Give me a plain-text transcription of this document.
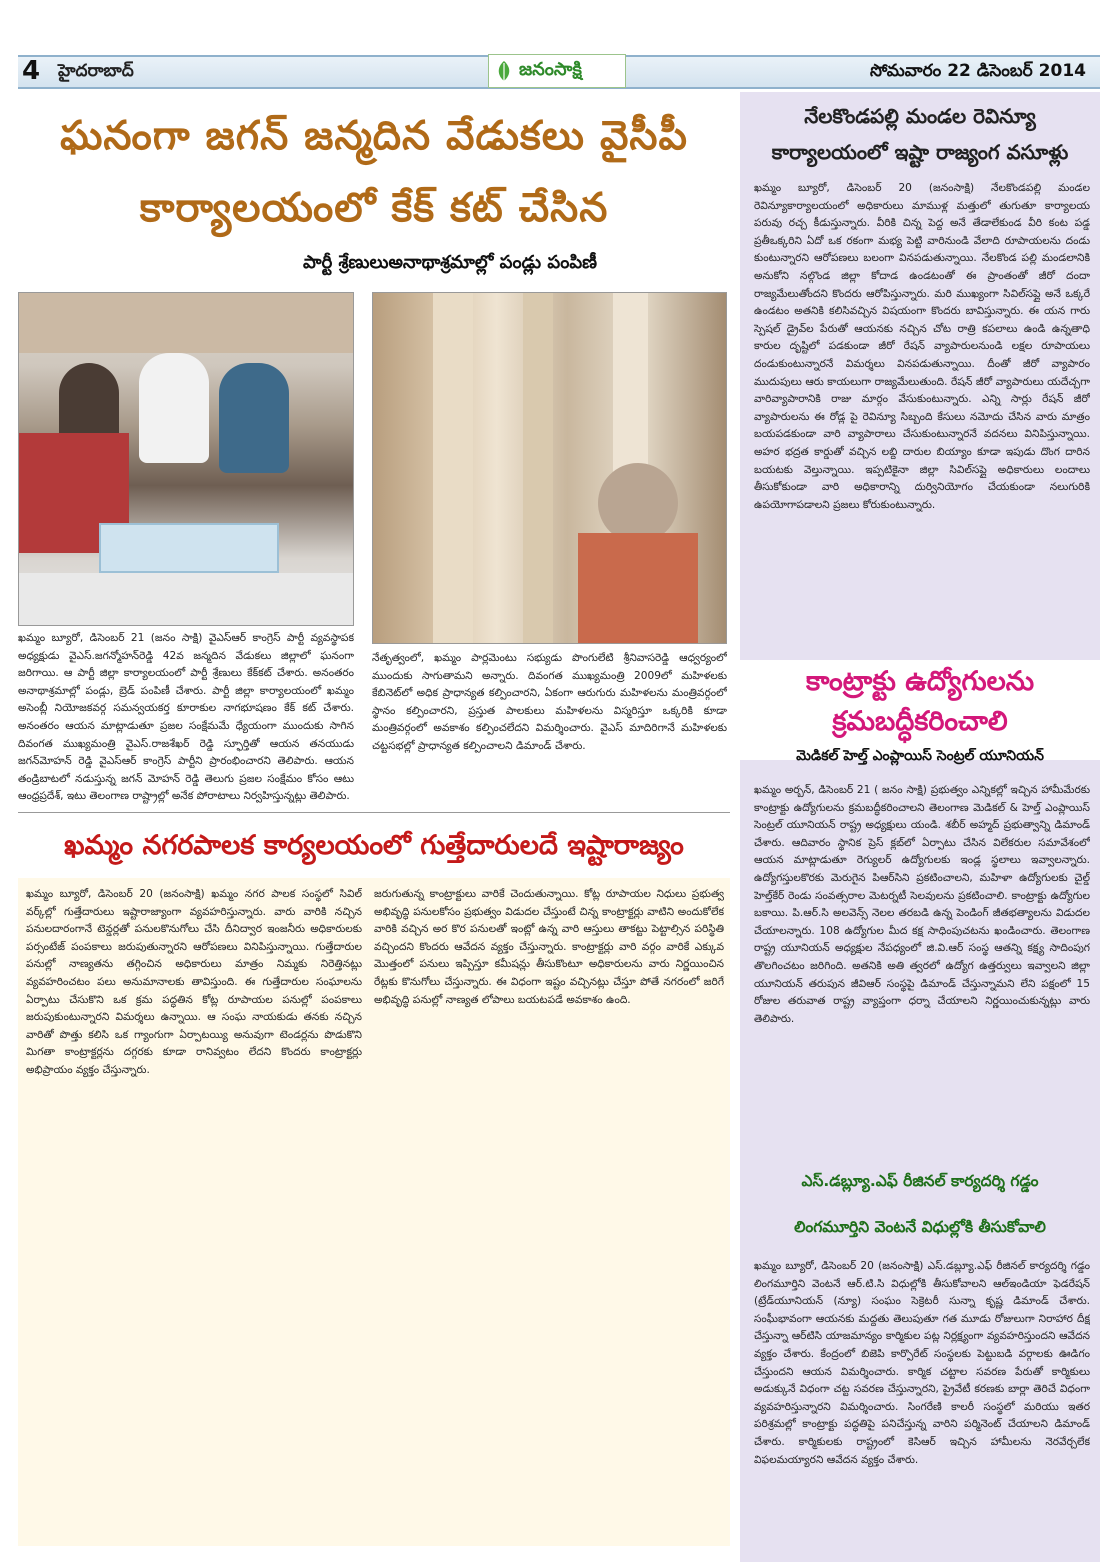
4 హైదరాబాద్	జనంసాక్షి	సోమవారం 22 డిసెంబర్ 2014
ఘనంగా జగన్ జన్మదిన వేడుకలు వైసీపీ
కార్యాలయంలో కేక్ కట్ చేసిన
పార్టీ శ్రేణులుఅనాథాశ్రమాల్లో పండ్లు పంపిణీ
ఖమ్మం బ్యూరో, డిసెంబర్ 21 (జనం సాక్షి) వైఎస్ఆర్ కాంగ్రెస్ పార్టీ వ్యవస్థాపక అధ్యక్షుడు వైఎస్.జగన్మోహన్‌రెడ్డి 42వ జన్మదిన వేడుకలు జిల్లాలో ఘనంగా జరిగాయి. ఆ పార్టీ జిల్లా కార్యాలయంలో పార్టీ శ్రేణులు కేక్‌కట్ చేశారు. అనంతరం అనాథాశ్రమాల్లో పండ్లు, బ్రెడ్ పంపిణీ చేశారు. పార్టీ జిల్లా కార్యాలయంలో ఖమ్మం అసెంబ్లీ నియోజకవర్గ సమన్వయకర్త కూరాకుల నాగభూషణం కేక్ కట్ చేశారు. అనంతరం ఆయన మాట్లాడుతూ ప్రజల సంక్షేమమే ధ్యేయంగా ముందుకు సాగిన దివంగత ముఖ్యమంత్రి వైఎస్.రాజశేఖర్ రెడ్డి స్ఫూర్తితో ఆయన తనయుడు జగన్‌మోహన్ రెడ్డి వైఎస్ఆర్ కాంగ్రెస్ పార్టీని ప్రారంభించారని తెలిపారు. ఆయన తండ్రిబాటలో నడుస్తున్న జగన్ మోహన్ రెడ్డి తెలుగు ప్రజల సంక్షేమం కోసం ఆటు ఆంధ్రప్రదేశ్, ఇటు తెలంగాణ రాష్ట్రాల్లో అనేక పోరాటాలు నిర్వహిస్తున్నట్లు తెలిపారు.
నేతృత్వంలో, ఖమ్మం పార్లమెంటు సభ్యుడు పొంగులేటి శ్రీనివాసరెడ్డి ఆధ్వర్యంలో ముందుకు సాగుతామని అన్నారు. దివంగత ముఖ్యమంత్రి 2009లో మహిళలకు కేబినెట్‌లో అధిక ప్రాధాన్యత కల్పించారని, ఏకంగా ఆరుగురు మహిళలను మంత్రివర్గంలో స్థానం కల్పించారని, ప్రస్తుత పాలకులు మహిళలను విస్మరిస్తూ ఒక్కరికి కూడా మంత్రివర్గంలో అవకాశం కల్పించలేదని విమర్శించారు. వైఎస్ మాదిరిగానే మహిళలకు చట్టసభల్లో ప్రాధాన్యత కల్పించాలని డిమాండ్ చేశారు.
ఖమ్మం నగరపాలక కార్యలయంలో గుత్తేదారులదే ఇష్టారాజ్యం
ఖమ్మం బ్యూరో, డిసెంబర్ 20 (జనంసాక్షి) ఖమ్మం నగర పాలక సంస్థలో సివిల్ వర్క్‌ల్లో గుత్తేదారులు ఇష్టారాజ్యాంగా వ్యవహరిస్తున్నారు. వారు వారికి నచ్చిన పనులదారంగానే టెన్డర్లతో పనులకొనుగోలు చేసి దీనిద్వార ఇంజనీరు అధికారులకు పర్సంటేజ్ పంపకాలు జరుపుతున్నారని ఆరోపణలు వినిపిస్తున్నాయి. గుత్తేదారుల పనుల్లో నాణ్యతను తగ్గించిన అధికారులు మాత్రం నిమ్మకు నిరెత్తినట్లు వ్యవహరించటం పలు అనుమానాలకు తావిస్తుంది. ఈ గుత్తేదారుల సంఘాలను ఏర్పాటు చేసుకొని ఒక క్రమ పద్ధతిన కోట్ల రూపాయల పనుల్లో పంపకాలు జరుపుకుంటున్నారని విమర్శలు ఉన్నాయి. ఆ సంఘ నాయకుడు తనకు నచ్చిన వారితో పొత్తు కలిసి ఒక గ్యాంగుగా ఏర్పాటయ్యి అనువుగా టెండర్లను పొడుకొని మిగతా కాంట్రాక్టర్లను దగ్గరకు కూడా రానివ్వటం లేదని కొందరు కాంట్రాక్టర్లు అభిప్రాయం వ్యక్తం చేస్తున్నారు.
జరుగుతున్న కాంట్రాక్టులు వారికే చెందుతున్నాయి. కోట్ల రూపాయల నిధులు ప్రభుత్వ అభివృద్ధి పనులకోసం ప్రభుత్వం విడుదల చేస్తుంటే చిన్న కాంట్రాక్టర్లు వాటిని అందుకోలేక వారికి వచ్చిన అర కొర పనులతో ఇంట్లో ఉన్న వారి ఆస్తులు తాకట్టు పెట్టాల్సిన పరిస్థితి వచ్చిందని కొందరు ఆవేదన వ్యక్తం చేస్తున్నారు. కాంట్రాక్టర్లు వారి వర్గం వారికే ఎక్కువ మొత్తంలో పనులు ఇప్పిస్తూ కమీషన్లు తీసుకొంటూ అధికారులను వారు నిర్ణయించిన రేట్లకు కొనుగోలు చేస్తున్నారు. ఈ విధంగా ఇష్టం వచ్చినట్లు చేస్తూ పోతే నగరంలో జరిగే అభివృద్ధి పనుల్లో నాణ్యత లోపాలు బయటపడే అవకాశం ఉంది.
నేలకొండపల్లి మండల రెవిన్యూ కార్యాలయంలో ఇష్టా రాజ్యంగ వసూళ్లు
ఖమ్మం బ్యూరో, డిసెంబర్ 20 (జనంసాక్షి) నేలకొండపల్లి మండల రెవిన్యూకార్యాలయంలో అధికారులు మాముళ్ల మత్తులో తుగుతూ కార్యాలయ పరువు రచ్చ కీడుస్తున్నారు. వీరికి చిన్న పెద్ద అనే తేడాలేకుండ వీరి కంట పడ్డ ప్రతీఒక్కరిని ఏదో ఒక రకంగా మభ్య పెట్టి వారినుండి వేలాది రూపాయలను దండు కుంటున్నారని ఆరోపణలు బలంగా వినపడుతున్నాయి. నేలకొండ పల్లి మండలానికి అనుకోని నల్గొండ జిల్లా కోదాడ ఉండటంతో ఈ ప్రాంతంతో జీరో దందా రాజ్యమేలుతోందని కొందరు ఆరోపిస్తున్నారు. మరి ముఖ్యంగా సివిల్‌సప్లై అనే ఒక్కరే ఉండటం అతనికి కలిసివచ్చిన విషయంగా కొందరు బావిస్తున్నారు. ఈ యన గారు స్పెషల్ డ్రైవ్‌ల పేరుతో ఆయనకు నచ్చిన చోట రాత్రి కపలాలు ఉండి ఉన్నతాధి కారుల దృష్టిలో పడకుండా జీరో రేషన్ వ్యాపారులనుండి లక్షల రూపాయలు దండుకుంటున్నారనే విమర్శలు వినపడుతున్నాయి. దీంతో జీరో వ్యాపారం ముదుపులు ఆరు కాయలుగా రాజ్యమేలుతుంది. రేషన్ జీరో వ్యాపారులు యదేచ్చగా వారివ్యాపారానికి రాజు మార్గం వేసుకుంటున్నారు. ఎన్ని సార్లు రేషన్ జీరో వ్యాపారులను ఈ రోడ్ల పై రెవిన్యూ సిబ్బంది కేసులు నమోదు చేసిన వారు మాత్రం బయపడకుండా వారి వ్యాపారాలు చేసుకుంటున్నారనే వదనలు వినిపిస్తున్నాయి. అహర భద్రత కార్డుతో వచ్చిన లబ్ది దారుల బియ్యాం కూడా ఇపుడు దొంగ దారిన బయటకు వెల్తున్నాయి. ఇప్పటికైనా జిల్లా సివిల్‌సప్లై అధికారులు లందాలు తీసుకోకుండా వారి అధికారాన్ని దుర్వినియోగం చేయకుండా నలుగురికి ఉపయోగాపడాలని ప్రజలు కోరుకుంటున్నారు.
కాంట్రాక్టు ఉద్యోగులను క్రమబద్ధీకరించాలి
మెడికల్ హెల్త్ ఎంప్లాయిస్ సెంట్రల్ యూనియన్
ఖమ్మం అర్బన్, డిసెంబర్ 21 ( జనం సాక్షి) ప్రభుత్వం ఎన్నికల్లో ఇచ్చిన హామీమేరకు కాంట్రాక్టు ఉద్యోగులను క్రమబద్ధీకరించాలని తెలంగాణ మెడికల్ & హెల్త్ ఎంప్లాయిస్ సెంట్రల్ యూనియన్ రాష్ట్ర అధ్యక్షులు యండి. శబీర్ అహ్మద్ ప్రభుత్వాన్ని డిమాండ్ చేశారు. ఆదివారం స్థానిక ప్రెస్ క్లబ్‌లో ఏర్పాటు చేసిన విలేకరుల సమావేశంలో ఆయన మాట్లాడుతూ రెగ్యులర్ ఉద్యోగులకు ఇండ్ల స్థలాలు ఇవ్వాలన్నారు. ఉద్యోగస్తులకొరకు మెరుగైన పిఆర్‌సిని ప్రకటించాలని, మహిళా ఉద్యోగులకు చైల్డ్ హెల్త్‌కేర్ రెండు సంవత్సరాల మెటర్నటీ సెలవులను ప్రకటించాలి. కాంట్రాక్టు ఉద్యోగుల బకాయి. పి.ఆర్.సి అలవెన్స్ నెలల తరబడి ఉన్న పెండింగ్ జీతభత్యాలను విడుదల చేయాలన్నారు. 108 ఉద్యోగుల మీద కక్ష సాధింపుచటను ఖండించారు. తెలంగాణ రాష్ట్ర యూనియన్ అధ్యక్షుల నేపధ్యంలో జి.వి.ఆర్ సంస్థ ఆతన్ని కక్ష్య సాదింపుగ తొలగించటం జరిగింది. అతనికి అతి త్వరలో ఉద్యోగ ఉత్తర్వులు ఇవ్వాలని జిల్లా యూనియన్ తరుపున జీవిఆర్ సంస్థపై డిమాండ్ చేస్తున్నామని లేని పక్షంలో 15 రోజుల తరువాత రాష్ట్ర వ్యాప్తంగా ధర్నా చేయాలని నిర్ణయించుకున్నట్లు వారు తెలిపారు.
ఎస్.డబ్ల్యూ.ఎఫ్ రీజినల్ కార్యదర్శి గడ్డం
లింగమూర్తిని వెంటనే విధుల్లోకి తీసుకోవాలి
ఖమ్మం బ్యూరో, డిసెంబర్ 20 (జనంసాక్షి) ఎస్.డబ్ల్యూ.ఎఫ్ రీజినల్ కార్యదర్శి గడ్డం లింగమూర్తిని వెంటనే ఆర్.టి.సి విధుల్లోకి తీసుకోవాలని ఆల్ఇండియా ఫెడరేషన్ (ట్రేడ్‌యూనియన్ (న్యూ) సంఘం సెక్రెటరీ సున్నా కృష్ణ డిమాండ్ చేశారు. సంఘీభావంగా ఆయనకు మద్దతు తెలుపుతూ గత మూడు రోజులుగా నిరాహార దీక్ష చేస్తున్నా ఆర్‌టిసి యాజమాన్యం కార్మికుల పట్ల నిర్లక్ష్యంగా వ్యవహరిస్తుందని ఆవేదన వ్యక్తం చేశారు. కేంద్రంలో బిజెపి కార్పొరేట్ సంస్థలకు పెట్టుబడి వర్గాలకు ఊడిగం చేస్తుందని ఆయన విమర్శించారు. కార్మిక చట్టాల సవరణ పేరుతో కార్మికులు అడుక్కునే విధంగా చట్ట సవరణ చేస్తున్నారని, ప్రైవేటీ కరణకు బార్లా తెరిచే విధంగా వ్యవహరిస్తున్నారని విమర్శించారు. సింగరేణి కాలరీ సంస్థలో మరియు ఇతర పరిశ్రమల్లో కాంట్రాక్టు పద్ధతిపై పనిచేస్తున్న వారిని పర్మినెంట్ చేయాలని డిమాండ్ చేశారు. కార్మికులకు రాష్ట్రంలో కెసిఆర్ ఇచ్చిన హామీలను నెరవేర్చలేక విఫలమయ్యారని ఆవేదన వ్యక్తం చేశారు.
